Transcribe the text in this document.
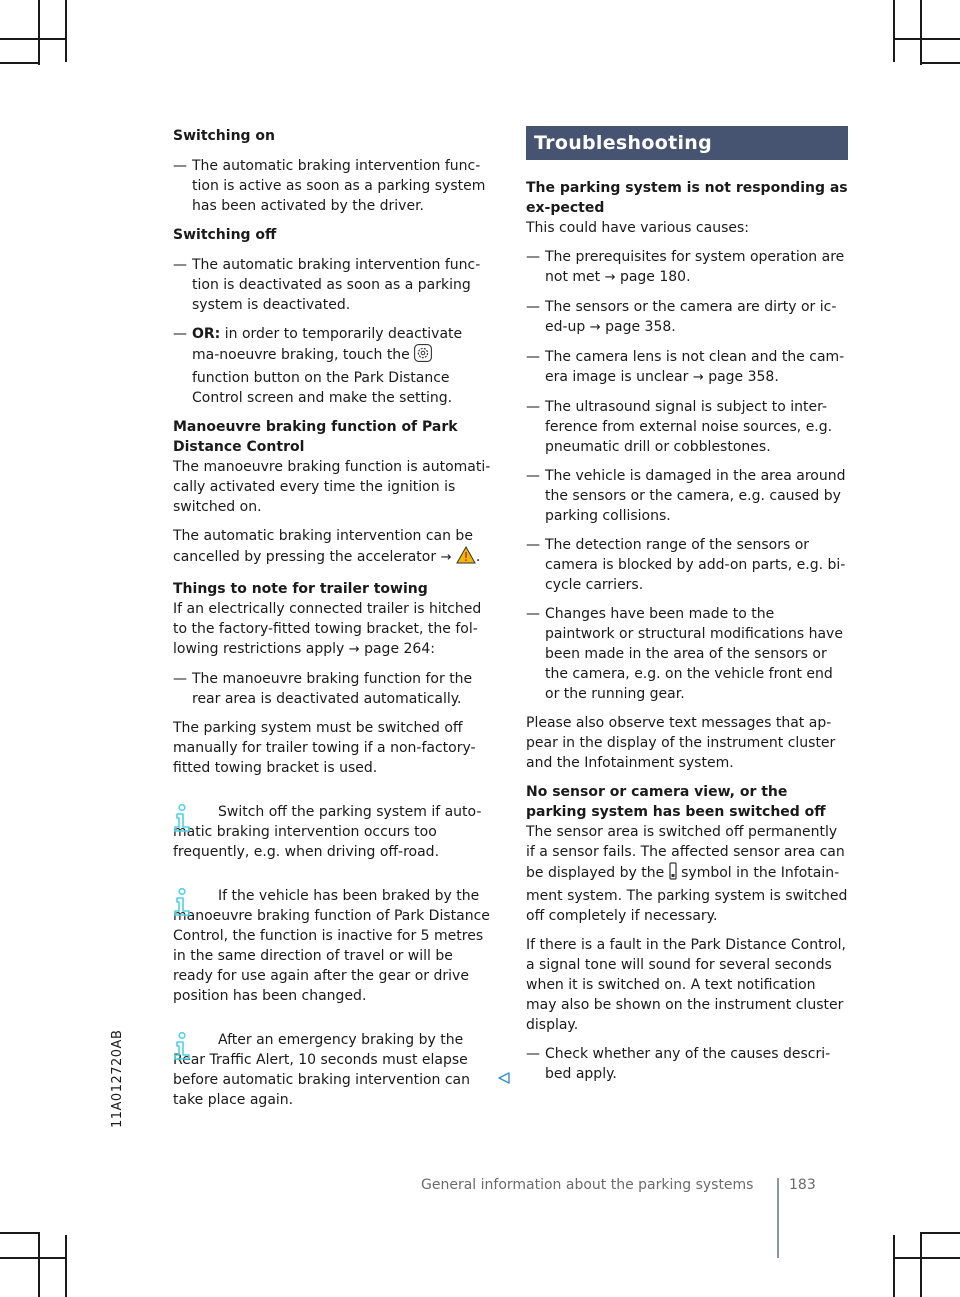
11A012720AB
Switching on
— The automatic braking intervention func-tion is active as soon as a parking system has been activated by the driver.
Switching off
— The automatic braking intervention func-tion is deactivated as soon as a parking system is deactivated.
— OR: in order to temporarily deactivate ma-noeuvre braking, touch the  function button on the Park Distance Control screen and make the setting.
Manoeuvre braking function of Park Distance Control

The manoeuvre braking function is automati-cally activated every time the ignition is switched on.

The automatic braking intervention can be cancelled by pressing the accelerator → .

Things to note for trailer towing

If an electrically connected trailer is hitched to the factory-fitted towing bracket, the fol-lowing restrictions apply → page 264:

— The manoeuvre braking function for the rear area is deactivated automatically.

The parking system must be switched off manually for trailer towing if a non-factory-fitted towing bracket is used.

Switch off the parking system if auto-matic braking intervention occurs too frequently, e.g. when driving off-road.
If the vehicle has been braked by the manoeuvre braking function of Park Distance Control, the function is inactive for 5 metres in the same direction of travel or will be ready for use again after the gear or drive position has been changed.
After an emergency braking by the Rear Traffic Alert, 10 seconds must elapse before automatic braking intervention can take place again.
Troubleshooting
The parking system is not responding as ex-pected

This could have various causes:

— The prerequisites for system operation are not met → page 180.
— The sensors or the camera are dirty or ic-ed-up → page 358.
— The camera lens is not clean and the cam-era image is unclear → page 358.
— The ultrasound signal is subject to inter-ference from external noise sources, e.g. pneumatic drill or cobblestones.
— The vehicle is damaged in the area around the sensors or the camera, e.g. caused by parking collisions.
— The detection range of the sensors or camera is blocked by add-on parts, e.g. bi-cycle carriers.
— Changes have been made to the paintwork or structural modifications have been made in the area of the sensors or the camera, e.g. on the vehicle front end or the running gear.

Please also observe text messages that ap-pear in the display of the instrument cluster and the Infotainment system.

No sensor or camera view, or the parking system has been switched off

The sensor area is switched off permanently if a sensor fails. The affected sensor area can be displayed by the symbol in the Infotain-ment system. The parking system is switched off completely if necessary.

If there is a fault in the Park Distance Control, a signal tone will sound for several seconds when it is switched on. A text notification may also be shown on the instrument cluster display.

— Check whether any of the causes descri-bed apply.
General information about the parking systems	183
